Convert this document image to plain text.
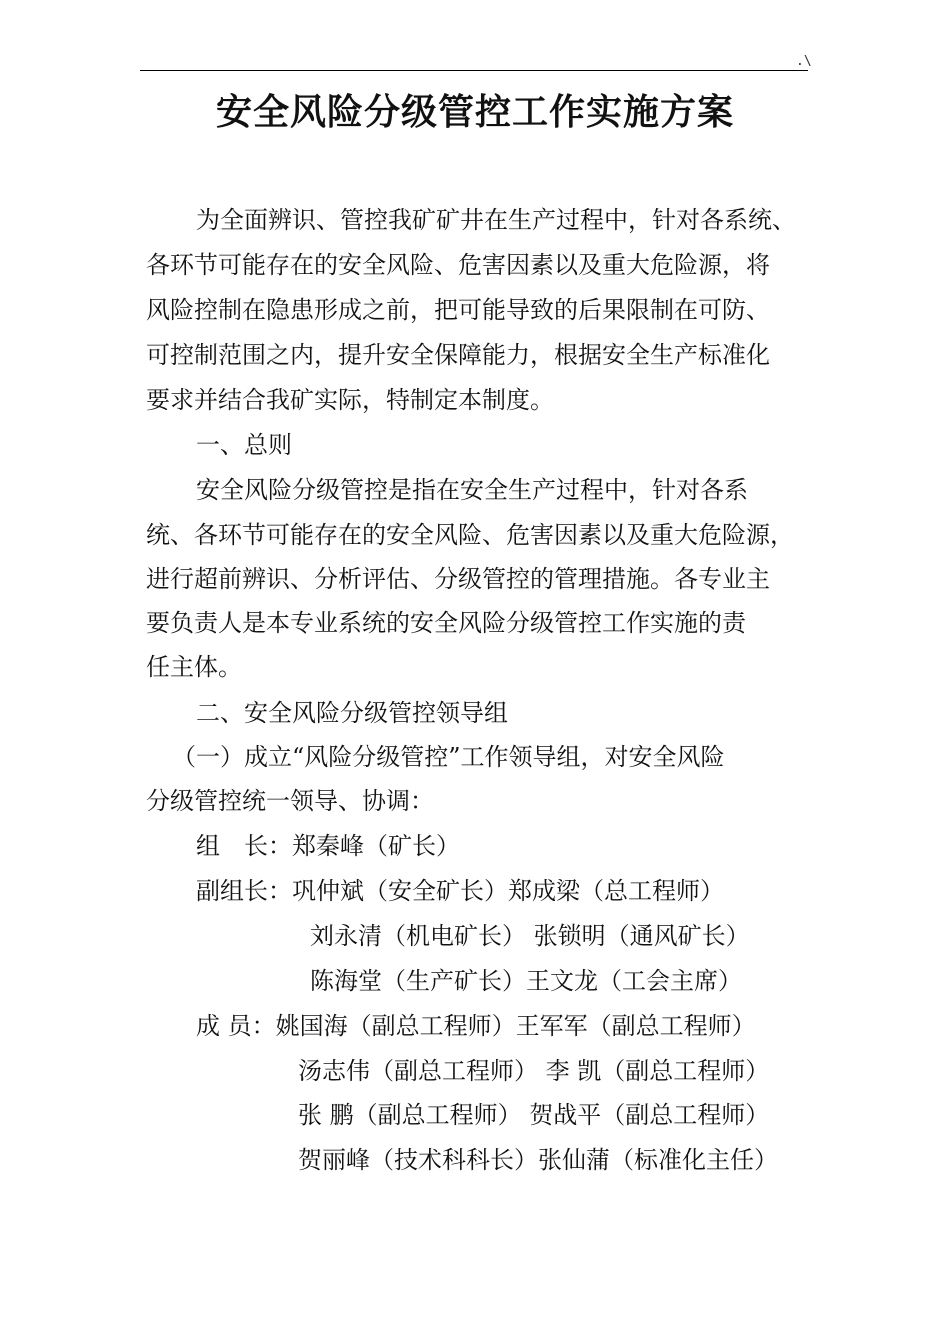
.\
安全风险分级管控工作实施方案
为全面辨识、管控我矿矿井在生产过程中，针对各系统、
各环节可能存在的安全风险、危害因素以及重大危险源，将
风险控制在隐患形成之前，把可能导致的后果限制在可防、
可控制范围之内，提升安全保障能力，根据安全生产标准化
要求并结合我矿实际，特制定本制度。
一、总则
安全风险分级管控是指在安全生产过程中，针对各系
统、各环节可能存在的安全风险、危害因素以及重大危险源，
进行超前辨识、分析评估、分级管控的管理措施。各专业主
要负责人是本专业系统的安全风险分级管控工作实施的责
任主体。
二、安全风险分级管控领导组
（一）成立“风险分级管控”工作领导组，对安全风险
分级管控统一领导、协调：
组　长：郑秦峰（矿长）
副组长：巩仲斌（安全矿长）郑成梁（总工程师）
刘永清（机电矿长） 张锁明（通风矿长）
陈海堂（生产矿长）王文龙（工会主席）
成 员：姚国海（副总工程师）王军军（副总工程师）
汤志伟（副总工程师） 李 凯（副总工程师）
张 鹏（副总工程师） 贺战平（副总工程师）
贺丽峰（技术科科长）张仙蒲（标准化主任）
